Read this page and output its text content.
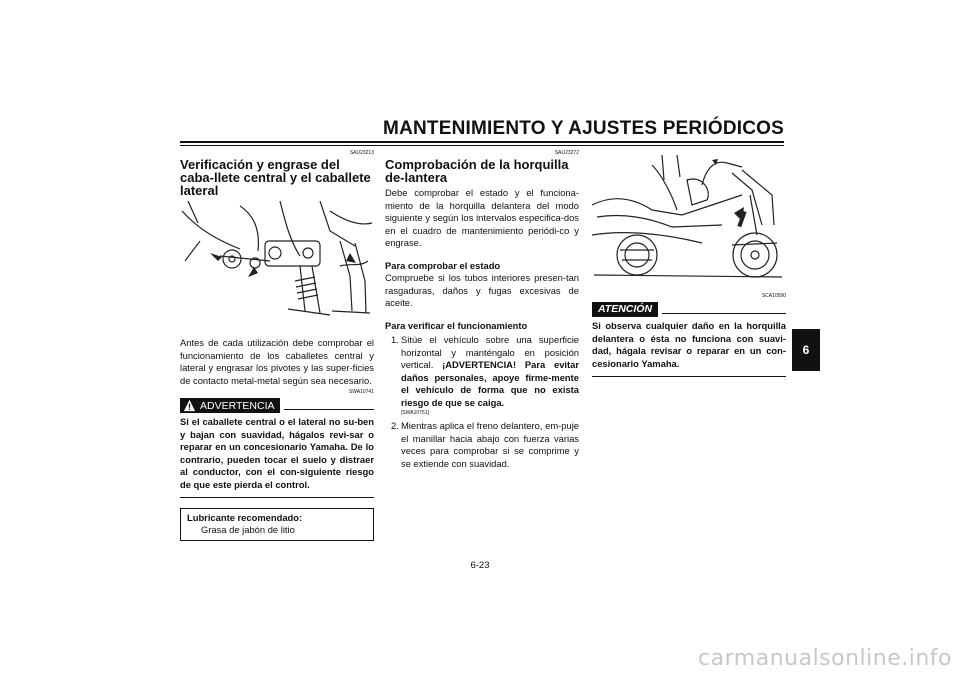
MANTENIMIENTO Y AJUSTES PERIÓDICOS
SAU23213
Verificación y engrase del caba-llete central y el caballete lateral
Antes de cada utilización debe comprobar el funcionamiento de los caballetes central y lateral y engrasar los pivotes y las super-ficies de contacto metal-metal según sea necesario.
SWA10741
ADVERTENCIA
Si el caballete central o el lateral no su-ben y bajan con suavidad, hágalos revi-sar o reparar en un concesionario Yamaha. De lo contrario, pueden tocar el suelo y distraer al conductor, con el con-siguiente riesgo de que este pierda el control.
Lubricante recomendado:
Grasa de jabón de litio
SAU23272
Comprobación de la horquilla de-lantera
Debe comprobar el estado y el funciona-miento de la horquilla delantera del modo siguiente y según los intervalos especifica-dos en el cuadro de mantenimiento periódi-co y engrase.
Para comprobar el estado
Compruebe si los tubos interiores presen-tan rasgaduras, daños y fugas excesivas de aceite.
Para verificar el funcionamiento
1. Sitúe el vehículo sobre una superficie horizontal y manténgalo en posición vertical. ¡ADVERTENCIA! Para evitar daños personales, apoye firme-mente el vehículo de forma que no exista riesgo de que se caiga.
[SWA10751]
2. Mientras aplica el freno delantero, em-puje el manillar hacia abajo con fuerza varias veces para comprobar si se comprime y se extiende con suavidad.
SCA10590
ATENCIÓN
Si observa cualquier daño en la horquilla delantera o ésta no funciona con suavi-dad, hágala revisar o reparar en un con-cesionario Yamaha.
6-23
6
carmanualsonline.info
